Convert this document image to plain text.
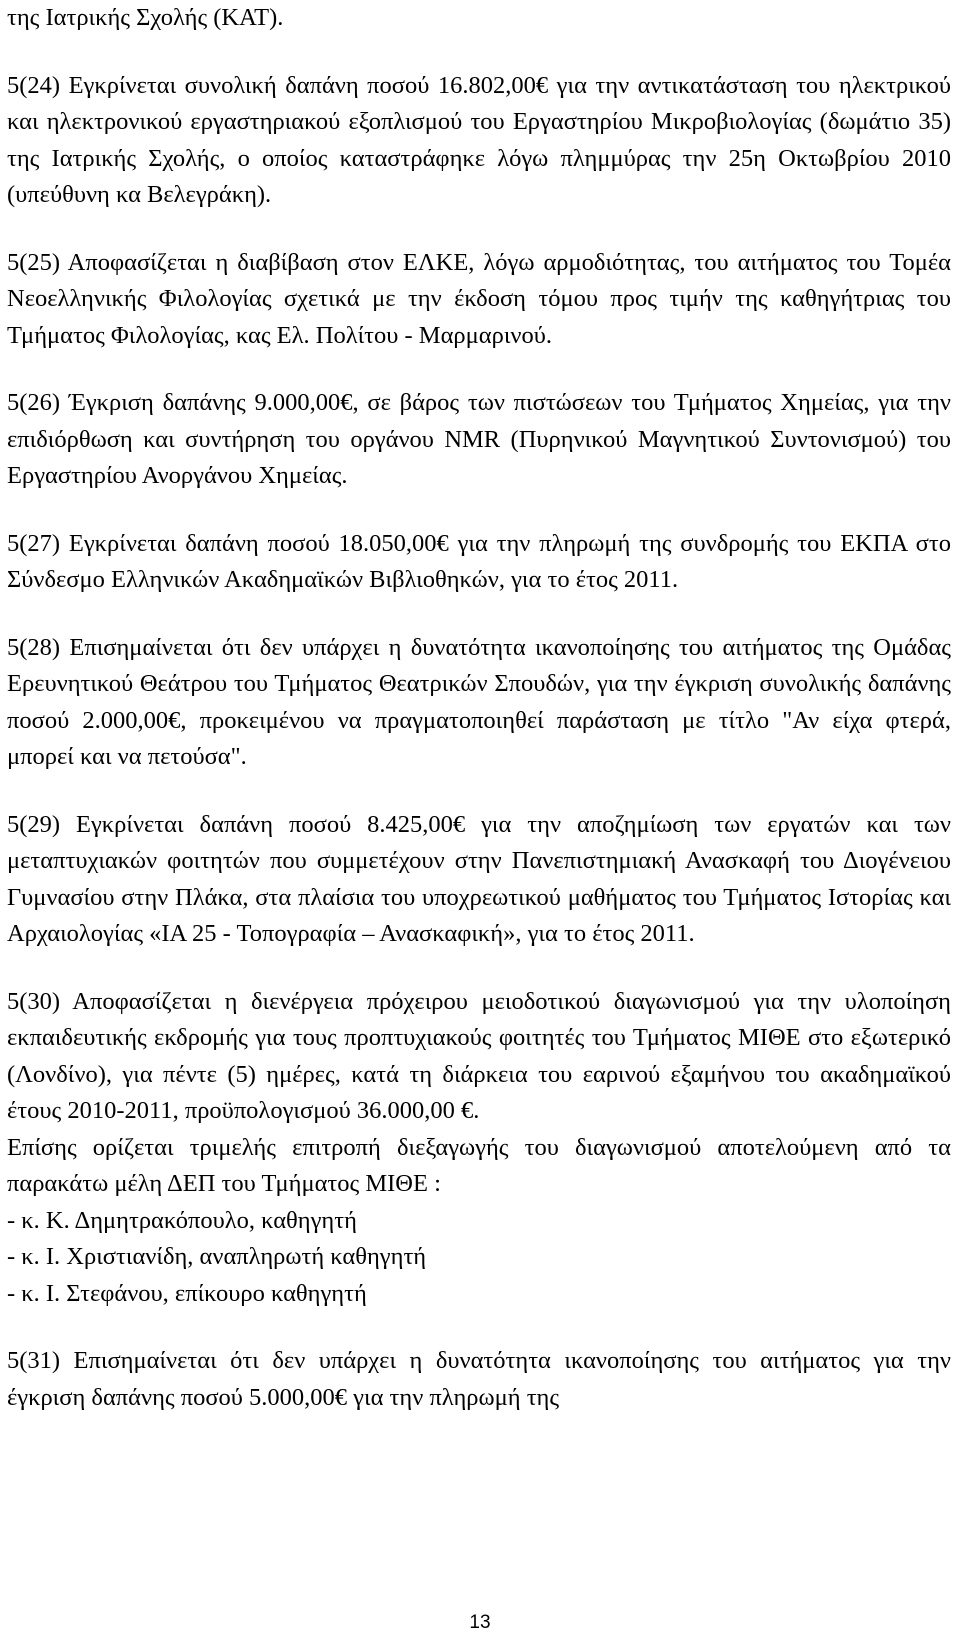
της Ιατρικής Σχολής (ΚΑΤ).

5(24) Εγκρίνεται συνολική δαπάνη ποσού 16.802,00€ για την αντικατάσταση του ηλεκτρικού και ηλεκτρονικού εργαστηριακού εξοπλισμού του Εργαστηρίου Μικροβιολογίας (δωμάτιο 35) της Ιατρικής Σχολής, ο οποίος καταστράφηκε λόγω πλημμύρας την 25η Οκτωβρίου 2010 (υπεύθυνη κα Βελεγράκη).

5(25) Αποφασίζεται η διαβίβαση στον ΕΛΚΕ, λόγω αρμοδιότητας, του αιτήματος του Τομέα Νεοελληνικής Φιλολογίας σχετικά με την έκδοση τόμου προς τιμήν της καθηγήτριας του Τμήματος Φιλολογίας, κας Ελ. Πολίτου - Μαρμαρινού.

5(26) Έγκριση δαπάνης 9.000,00€, σε βάρος των πιστώσεων του Τμήματος Χημείας, για την επιδιόρθωση και συντήρηση του οργάνου NMR (Πυρηνικού Μαγνητικού Συντονισμού) του Εργαστηρίου Ανοργάνου Χημείας.

5(27) Εγκρίνεται δαπάνη ποσού 18.050,00€ για την πληρωμή της συνδρομής του ΕΚΠΑ στο Σύνδεσμο Ελληνικών Ακαδημαϊκών Βιβλιοθηκών, για το έτος 2011.

5(28) Επισημαίνεται ότι δεν υπάρχει η δυνατότητα ικανοποίησης του αιτήματος της Ομάδας Ερευνητικού Θεάτρου του Τμήματος Θεατρικών Σπουδών, για την έγκριση συνολικής δαπάνης ποσού 2.000,00€, προκειμένου να πραγματοποιηθεί παράσταση με τίτλο "Αν είχα φτερά, μπορεί και να πετούσα".

5(29) Εγκρίνεται δαπάνη ποσού 8.425,00€ για την αποζημίωση των εργατών και των μεταπτυχιακών φοιτητών που συμμετέχουν στην Πανεπιστημιακή Ανασκαφή του Διογένειου Γυμνασίου στην Πλάκα, στα πλαίσια του υποχρεωτικού μαθήματος του Τμήματος Ιστορίας και Αρχαιολογίας «ΙΑ 25 - Τοπογραφία – Ανασκαφική», για το έτος 2011.

5(30) Αποφασίζεται η διενέργεια πρόχειρου μειοδοτικού διαγωνισμού για την υλοποίηση εκπαιδευτικής εκδρομής για τους προπτυχιακούς φοιτητές του Τμήματος ΜΙΘΕ στο εξωτερικό (Λονδίνο), για πέντε (5) ημέρες, κατά τη διάρκεια του εαρινού εξαμήνου του ακαδημαϊκού έτους 2010-2011, προϋπολογισμού 36.000,00 €.

Επίσης ορίζεται τριμελής επιτροπή διεξαγωγής του διαγωνισμού αποτελούμενη από τα παρακάτω μέλη ΔΕΠ του Τμήματος ΜΙΘΕ :

- κ. Κ. Δημητρακόπουλο, καθηγητή
- κ. Ι. Χριστιανίδη, αναπληρωτή καθηγητή
- κ. Ι. Στεφάνου, επίκουρο καθηγητή

5(31) Επισημαίνεται ότι δεν υπάρχει η δυνατότητα ικανοποίησης του αιτήματος για την έγκριση δαπάνης ποσού 5.000,00€ για την πληρωμή της

13
